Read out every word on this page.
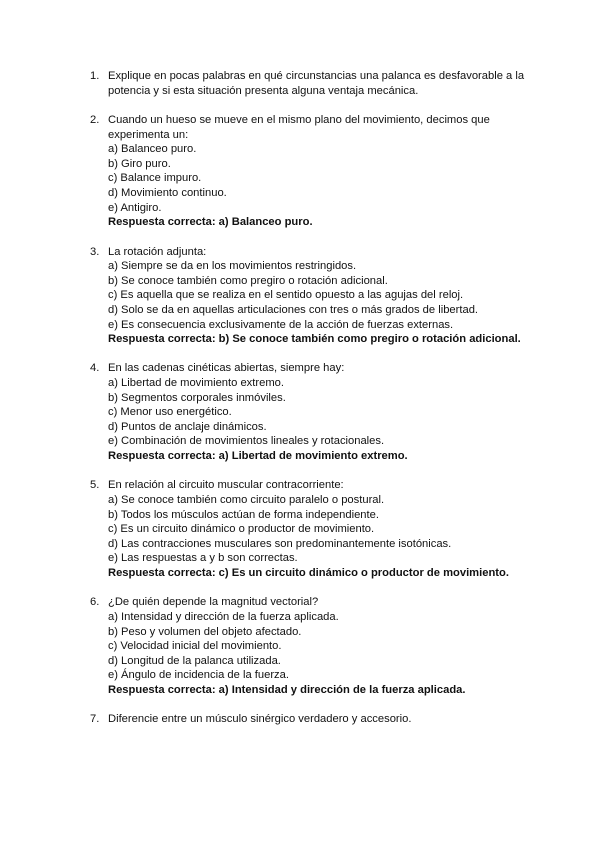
1. Explique en pocas palabras en qué circunstancias una palanca es desfavorable a la potencia y si esta situación presenta alguna ventaja mecánica.
2. Cuando un hueso se mueve en el mismo plano del movimiento, decimos que experimenta un:
a) Balanceo puro.
b) Giro puro.
c) Balance impuro.
d) Movimiento continuo.
e) Antigiro.
Respuesta correcta: a) Balanceo puro.
3. La rotación adjunta:
a) Siempre se da en los movimientos restringidos.
b) Se conoce también como pregiro o rotación adicional.
c) Es aquella que se realiza en el sentido opuesto a las agujas del reloj.
d) Solo se da en aquellas articulaciones con tres o más grados de libertad.
e) Es consecuencia exclusivamente de la acción de fuerzas externas.
Respuesta correcta: b) Se conoce también como pregiro o rotación adicional.
4. En las cadenas cinéticas abiertas, siempre hay:
a) Libertad de movimiento extremo.
b) Segmentos corporales inmóviles.
c) Menor uso energético.
d) Puntos de anclaje dinámicos.
e) Combinación de movimientos lineales y rotacionales.
Respuesta correcta: a) Libertad de movimiento extremo.
5. En relación al circuito muscular contracorriente:
a) Se conoce también como circuito paralelo o postural.
b) Todos los músculos actúan de forma independiente.
c) Es un circuito dinámico o productor de movimiento.
d) Las contracciones musculares son predominantemente isotónicas.
e) Las respuestas a y b son correctas.
Respuesta correcta: c) Es un circuito dinámico o productor de movimiento.
6. ¿De quién depende la magnitud vectorial?
a) Intensidad y dirección de la fuerza aplicada.
b) Peso y volumen del objeto afectado.
c) Velocidad inicial del movimiento.
d) Longitud de la palanca utilizada.
e) Ángulo de incidencia de la fuerza.
Respuesta correcta: a) Intensidad y dirección de la fuerza aplicada.
7. Diferencie entre un músculo sinérgico verdadero y accesorio.
